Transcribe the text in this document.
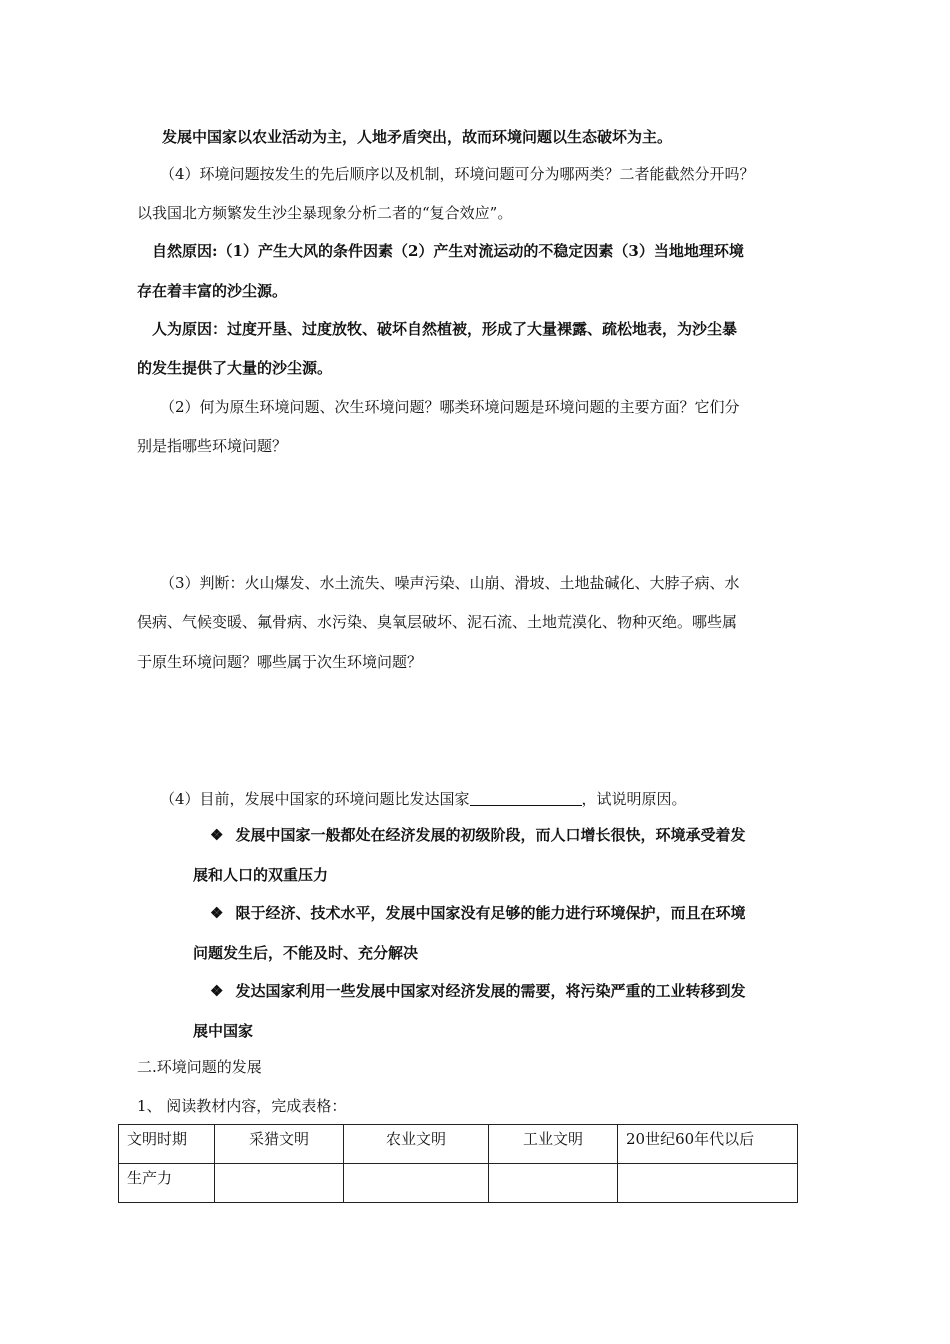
发展中国家以农业活动为主，人地矛盾突出，故而环境问题以生态破坏为主。
（4）环境问题按发生的先后顺序以及机制，环境问题可分为哪两类？二者能截然分开吗？
以我国北方频繁发生沙尘暴现象分析二者的“复合效应”。
自然原因:（1）产生大风的条件因素（2）产生对流运动的不稳定因素（3）当地地理环境
存在着丰富的沙尘源。
人为原因：过度开垦、过度放牧、破坏自然植被，形成了大量裸露、疏松地表，为沙尘暴
的发生提供了大量的沙尘源。
（2）何为原生环境问题、次生环境问题？哪类环境问题是环境问题的主要方面？它们分
别是指哪些环境问题？
（3）判断：火山爆发、水土流失、噪声污染、山崩、滑坡、土地盐碱化、大脖子病、水
俣病、气候变暖、氟骨病、水污染、臭氧层破坏、泥石流、土地荒漠化、物种灭绝。哪些属
于原生环境问题？哪些属于次生环境问题？
（4）目前，发展中国家的环境问题比发达国家	，试说明原因。
❖ 发展中国家一般都处在经济发展的初级阶段，而人口增长很快，环境承受着发
展和人口的双重压力
❖ 限于经济、技术水平，发展中国家没有足够的能力进行环境保护，而且在环境
问题发生后，不能及时、充分解决
❖ 发达国家利用一些发展中国家对经济发展的需要，将污染严重的工业转移到发
展中国家
二.环境问题的发展
1、 阅读教材内容，完成表格：
文明时期	采猎文明	农业文明	工业文明	20世纪60年代以后
生产力				
